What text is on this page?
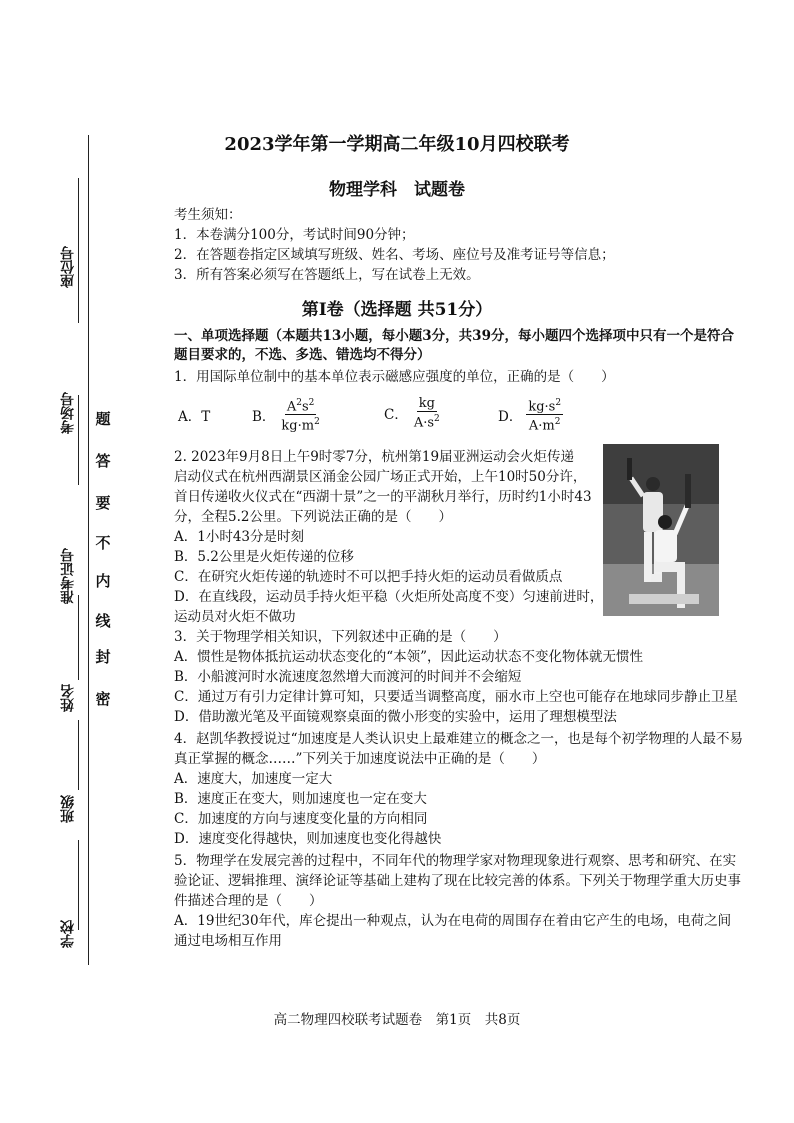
座位号
考场号
准考证号
姓名
班级
学校
题
答
要
不
内
线
封
密
2023学年第一学期高二年级10月四校联考
物理学科　试题卷
考生须知：
1．本卷满分100分，考试时间90分钟；
2．在答题卷指定区域填写班级、姓名、考场、座位号及准考证号等信息；
3．所有答案必须写在答题纸上，写在试卷上无效。
第Ⅰ卷（选择题 共51分）
一、单项选择题（本题共13小题，每小题3分，共39分，每小题四个选择项中只有一个是符合
题目要求的，不选、多选、错选均不得分）
1．用国际单位制中的基本单位表示磁感应强度的单位，正确的是（　　）
A．T	B． $\frac{A^2s^2}{kg\cdot m^2}$	C． $\frac{kg}{A\cdot s^2}$	D． $\frac{kg\cdot s^2}{A\cdot m^2}$
2. 2023年9月8日上午9时零7分，杭州第19届亚洲运动会火炬传递
启动仪式在杭州西湖景区涌金公园广场正式开始，上午10时50分许，
首日传递收火仪式在“西湖十景”之一的平湖秋月举行，历时约1小时43
分，全程5.2公里。下列说法正确的是（　　）
A．1小时43分是时刻
B．5.2公里是火炬传递的位移
C．在研究火炬传递的轨迹时不可以把手持火炬的运动员看做质点
D．在直线段，运动员手持火炬平稳（火炬所处高度不变）匀速前进时，
运动员对火炬不做功
3．关于物理学相关知识，下列叙述中正确的是（　　）
A．惯性是物体抵抗运动状态变化的“本领”，因此运动状态不变化物体就无惯性
B．小船渡河时水流速度忽然增大而渡河的时间并不会缩短
C．通过万有引力定律计算可知，只要适当调整高度，丽水市上空也可能存在地球同步静止卫星
D．借助激光笔及平面镜观察桌面的微小形变的实验中，运用了理想模型法
4．赵凯华教授说过“加速度是人类认识史上最难建立的概念之一，也是每个初学物理的人最不易
真正掌握的概念……”下列关于加速度说法中正确的是（　　）
A．速度大，加速度一定大
B．速度正在变大，则加速度也一定在变大
C．加速度的方向与速度变化量的方向相同
D．速度变化得越快，则加速度也变化得越快
5．物理学在发展完善的过程中，不同年代的物理学家对物理现象进行观察、思考和研究、在实
验论证、逻辑推理、演绎论证等基础上建构了现在比较完善的体系。下列关于物理学重大历史事
件描述合理的是（　　）
A．19世纪30年代，库仑提出一种观点，认为在电荷的周围存在着由它产生的电场，电荷之间
通过电场相互作用
高二物理四校联考试题卷　第1页　共8页
